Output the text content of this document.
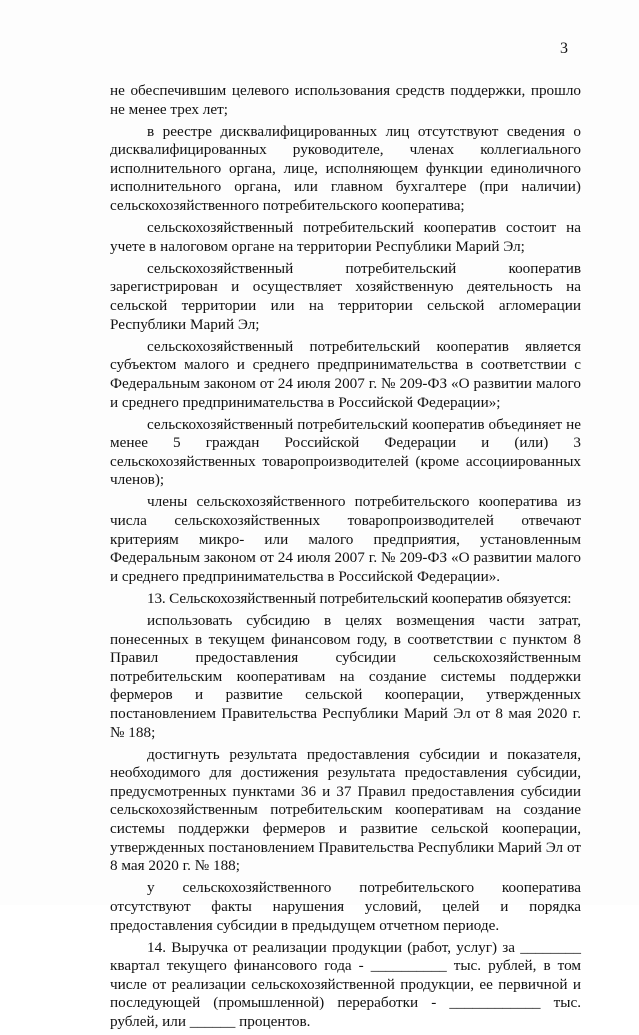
3

не обеспечившим целевого использования средств поддержки, прошло не менее трех лет;

в реестре дисквалифицированных лиц отсутствуют сведения о дисквалифицированных руководителе, членах коллегиального исполнительного органа, лице, исполняющем функции единоличного исполнительного органа, или главном бухгалтере (при наличии) сельскохозяйственного потребительского кооператива;

сельскохозяйственный потребительский кооператив состоит на учете в налоговом органе на территории Республики Марий Эл;

сельскохозяйственный потребительский кооператив зарегистрирован и осуществляет хозяйственную деятельность на сельской территории или на территории сельской агломерации Республики Марий Эл;

сельскохозяйственный потребительский кооператив является субъектом малого и среднего предпринимательства в соответствии с Федеральным законом от 24 июля 2007 г. № 209-ФЗ «О развитии малого и среднего предпринимательства в Российской Федерации»;

сельскохозяйственный потребительский кооператив объединяет не менее 5 граждан Российской Федерации и (или) 3 сельскохозяйственных товаропроизводителей (кроме ассоциированных членов);

члены сельскохозяйственного потребительского кооператива из числа сельскохозяйственных товаропроизводителей отвечают критериям микро- или малого предприятия, установленным Федеральным законом от 24 июля 2007 г. № 209-ФЗ «О развитии малого и среднего предпринимательства в Российской Федерации».

13. Сельскохозяйственный потребительский кооператив обязуется:

использовать субсидию в целях возмещения части затрат, понесенных в текущем финансовом году, в соответствии с пунктом 8 Правил предоставления субсидии сельскохозяйственным потребительским кооперативам на создание системы поддержки фермеров и развитие сельской кооперации, утвержденных постановлением Правительства Республики Марий Эл от 8 мая 2020 г. № 188;

достигнуть результата предоставления субсидии и показателя, необходимого для достижения результата предоставления субсидии, предусмотренных пунктами 36 и 37 Правил предоставления субсидии сельскохозяйственным потребительским кооперативам на создание системы поддержки фермеров и развитие сельской кооперации, утвержденных постановлением Правительства Республики Марий Эл от 8 мая 2020 г. № 188;

у сельскохозяйственного потребительского кооператива отсутствуют факты нарушения условий, целей и порядка предоставления субсидии в предыдущем отчетном периоде.

14. Выручка от реализации продукции (работ, услуг) за ________ квартал текущего финансового года - __________ тыс. рублей, в том числе от реализации сельскохозяйственной продукции, ее первичной и последующей (промышленной) переработки - ____________ тыс. рублей, или ______ процентов.
